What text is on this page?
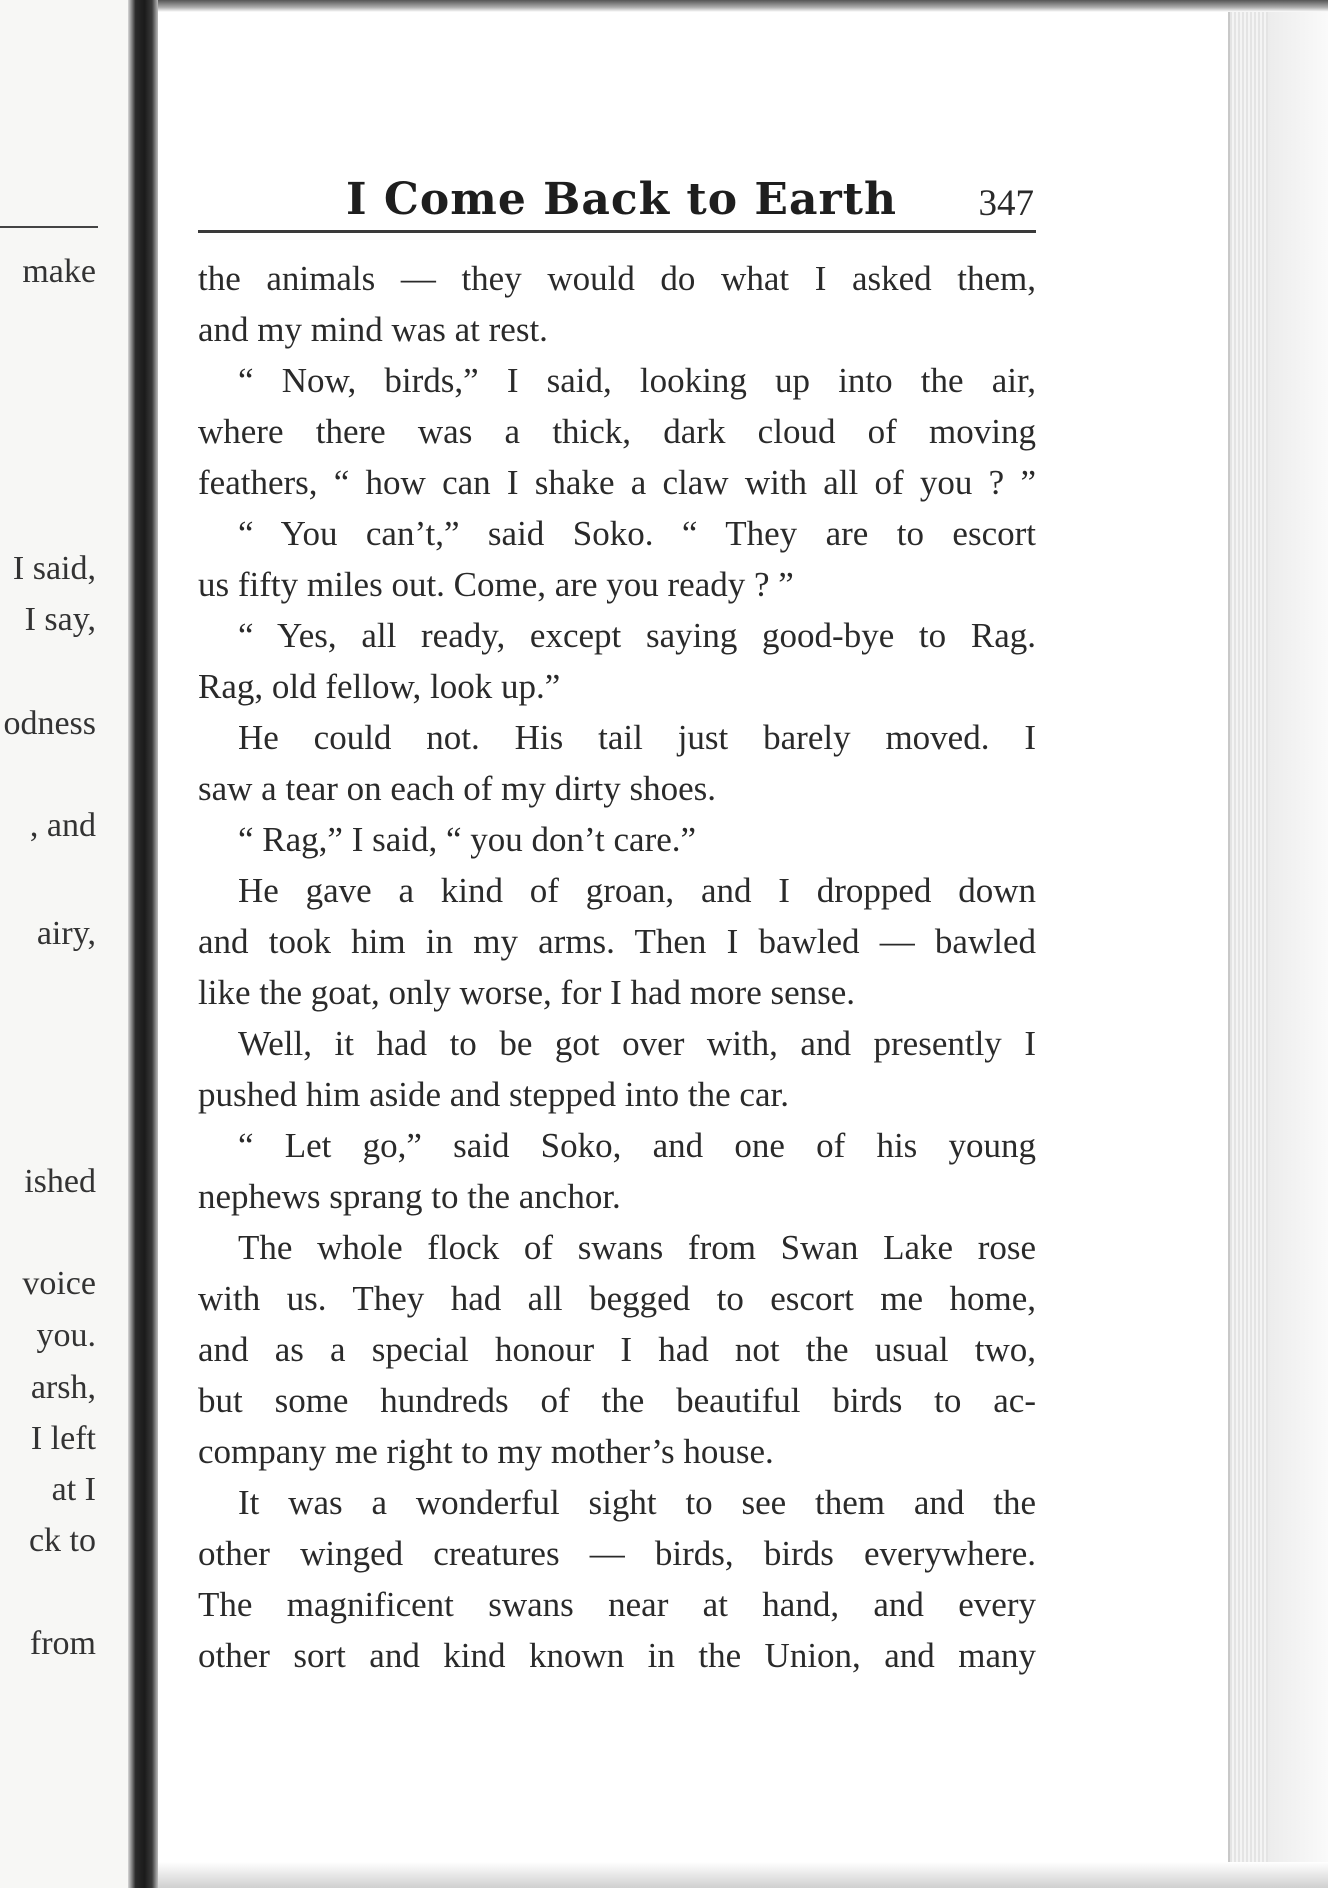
make
I said,
I say,
odness
, and
airy,
ished
voice
you.
arsh,
I left
at I
ck to
from
I Come Back to Earth 347
the animals — they would do what I asked them,
and my mind was at rest.
“ Now, birds,” I said, looking up into the air,
where there was a thick, dark cloud of moving
feathers, “ how can I shake a claw with all of you ? ”
“ You can’t,” said Soko. “ They are to escort
us fifty miles out. Come, are you ready ? ”
“ Yes, all ready, except saying good-bye to Rag.
Rag, old fellow, look up.”
He could not. His tail just barely moved. I
saw a tear on each of my dirty shoes.
“ Rag,” I said, “ you don’t care.”
He gave a kind of groan, and I dropped down
and took him in my arms. Then I bawled — bawled
like the goat, only worse, for I had more sense.
Well, it had to be got over with, and presently I
pushed him aside and stepped into the car.
“ Let go,” said Soko, and one of his young
nephews sprang to the anchor.
The whole flock of swans from Swan Lake rose
with us. They had all begged to escort me home,
and as a special honour I had not the usual two,
but some hundreds of the beautiful birds to ac-
company me right to my mother’s house.
It was a wonderful sight to see them and the
other winged creatures — birds, birds everywhere.
The magnificent swans near at hand, and every
other sort and kind known in the Union, and many
